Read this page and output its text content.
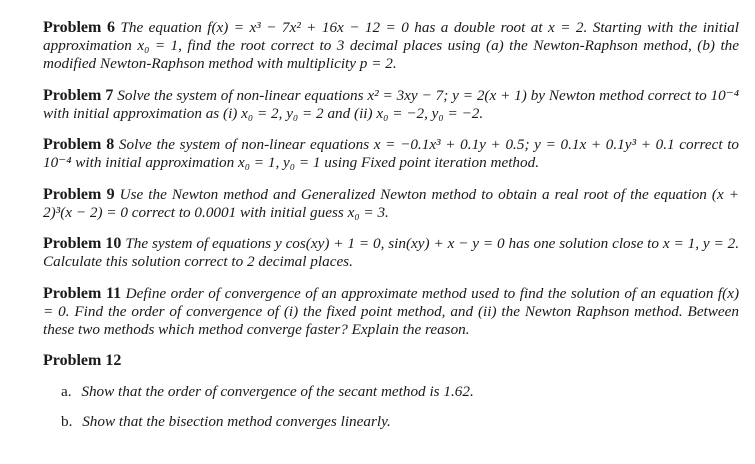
Problem 6 The equation f(x) = x³ − 7x² + 16x − 12 = 0 has a double root at x = 2. Starting with the initial approximation x₀ = 1, find the root correct to 3 decimal places using (a) the Newton-Raphson method, (b) the modified Newton-Raphson method with multiplicity p = 2.
Problem 7 Solve the system of non-linear equations x² = 3xy − 7; y = 2(x + 1) by Newton method correct to 10⁻⁴ with initial approximation as (i) x₀ = 2, y₀ = 2 and (ii) x₀ = −2, y₀ = −2.
Problem 8 Solve the system of non-linear equations x = −0.1x³ + 0.1y + 0.5; y = 0.1x + 0.1y³ + 0.1 correct to 10⁻⁴ with initial approximation x₀ = 1, y₀ = 1 using Fixed point iteration method.
Problem 9 Use the Newton method and Generalized Newton method to obtain a real root of the equation (x + 2)³(x − 2) = 0 correct to 0.0001 with initial guess x₀ = 3.
Problem 10 The system of equations y cos(xy) + 1 = 0, sin(xy) + x − y = 0 has one solution close to x = 1, y = 2. Calculate this solution correct to 2 decimal places.
Problem 11 Define order of convergence of an approximate method used to find the solution of an equation f(x) = 0. Find the order of convergence of (i) the fixed point method, and (ii) the Newton Raphson method. Between these two methods which method converge faster? Explain the reason.
Problem 12
a. Show that the order of convergence of the secant method is 1.62.
b. Show that the bisection method converges linearly.
